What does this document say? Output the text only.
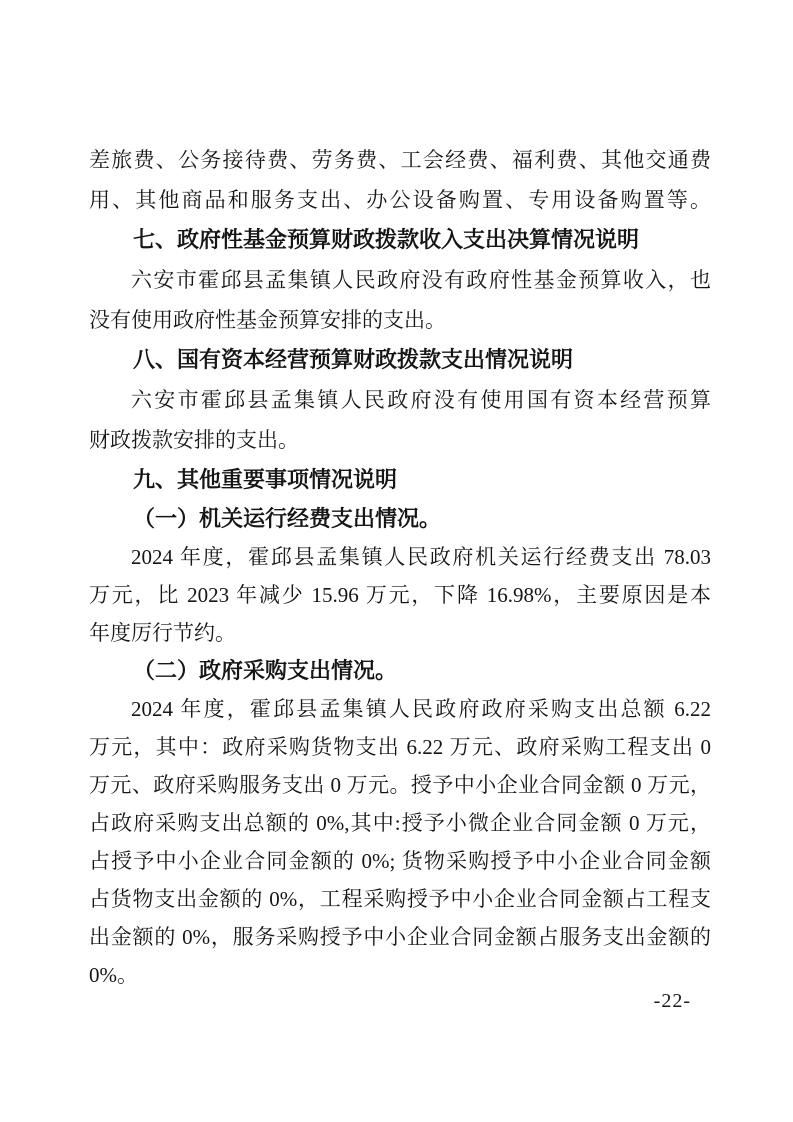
差旅费、公务接待费、劳务费、工会经费、福利费、其他交通费
用、其他商品和服务支出、办公设备购置、专用设备购置等。
七、政府性基金预算财政拨款收入支出决算情况说明
六安市霍邱县孟集镇人民政府没有政府性基金预算收入，也
没有使用政府性基金预算安排的支出。
八、国有资本经营预算财政拨款支出情况说明
六安市霍邱县孟集镇人民政府没有使用国有资本经营预算
财政拨款安排的支出。
九、其他重要事项情况说明
（一）机关运行经费支出情况。
2024 年度，霍邱县孟集镇人民政府机关运行经费支出 78.03
万元，比 2023 年减少 15.96 万元，下降 16.98%，主要原因是本
年度厉行节约。
（二）政府采购支出情况。
2024 年度，霍邱县孟集镇人民政府政府采购支出总额 6.22
万元，其中：政府采购货物支出 6.22 万元、政府采购工程支出 0
万元、政府采购服务支出 0 万元。授予中小企业合同金额 0 万元，
占政府采购支出总额的 0%,其中:授予小微企业合同金额 0 万元，
占授予中小企业合同金额的 0%; 货物采购授予中小企业合同金额
占货物支出金额的 0%，工程采购授予中小企业合同金额占工程支
出金额的 0%，服务采购授予中小企业合同金额占服务支出金额的
0%。
-22-
